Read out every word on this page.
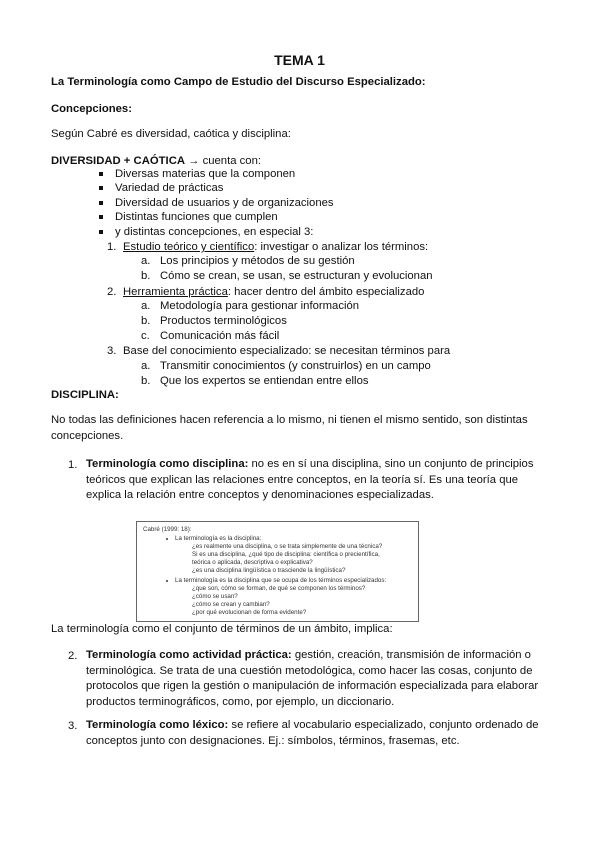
TEMA 1
La Terminología como Campo de Estudio del Discurso Especializado:
Concepciones:
Según Cabré es diversidad, caótica y disciplina:
DIVERSIDAD + CAÓTICA → cuenta con:
Diversas materias que la componen
Variedad de prácticas
Diversidad de usuarios y de organizaciones
Distintas funciones que cumplen
y distintas concepciones, en especial 3:
1. Estudio teórico y científico: investigar o analizar los términos:
a. Los principios y métodos de su gestión
b. Cómo se crean, se usan, se estructuran y evolucionan
2. Herramienta práctica: hacer dentro del ámbito especializado
a. Metodología para gestionar información
b. Productos terminológicos
c. Comunicación más fácil
3. Base del conocimiento especializado: se necesitan términos para
a. Transmitir conocimientos (y construirlos) en un campo
b. Que los expertos se entiendan entre ellos
DISCIPLINA:
No todas las definiciones hacen referencia a lo mismo, ni tienen el mismo sentido, son distintas concepciones.
1. Terminología como disciplina: no es en sí una disciplina, sino un conjunto de principios teóricos que explican las relaciones entre conceptos, en la teoría sí. Es una teoría que explica la relación entre conceptos y denominaciones especializadas.
Cabré (1999: 18):
La terminología es la disciplina:
¿es realmente una disciplina, o se trata simplemente de una técnica?
Si es una disciplina, ¿qué tipo de disciplina: científica o precientífica,
teórica o aplicada, descriptiva o explicativa?
¿es una disciplina lingüística o trasciende la lingüística?
La terminología es la disciplina que se ocupa de los términos especializados:
¿que son, cómo se forman, de qué se componen los términos?
¿cómo se usan?
¿cómo se crean y cambian?
¿por qué evolucionan de forma evidente?
La terminología como el conjunto de términos de un ámbito, implica:
2. Terminología como actividad práctica: gestión, creación, transmisión de información o terminológica. Se trata de una cuestión metodológica, como hacer las cosas, conjunto de protocolos que rigen la gestión o manipulación de información especializada para elaborar productos terminográficos, como, por ejemplo, un diccionario.
3. Terminología como léxico: se refiere al vocabulario especializado, conjunto ordenado de conceptos junto con designaciones. Ej.: símbolos, términos, frasemas, etc.
